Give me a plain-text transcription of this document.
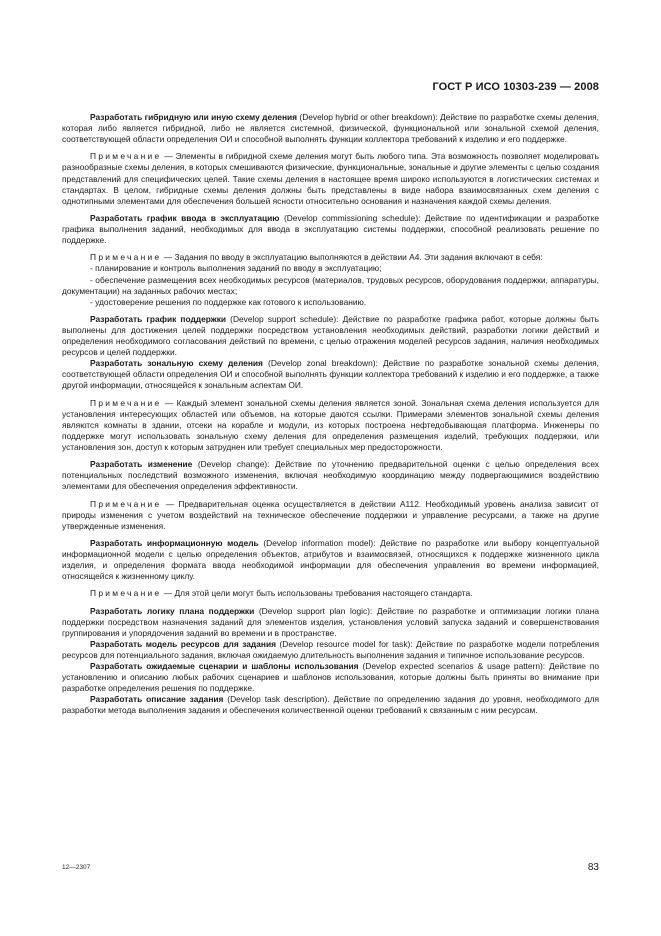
ГОСТ Р ИСО 10303-239 — 2008

Разработать гибридную или иную схему деления (Develop hybrid or other breakdown): Действие по разработке схемы деления, которая либо является гибридной, либо не является системной, физической, функциональной или зональной схемой деления, соответствующей области определения ОИ и способной выполнять функции коллектора требований к изделию и его поддержке.

Примечание — Элементы в гибридной схеме деления могут быть любого типа. Эта возможность позволяет моделировать разнообразные схемы деления, в которых смешиваются физические, функциональные, зональные и другие элементы с целью создания представлений для специфических целей. Такие схемы деления в настоящее время широко используются в логистических системах и стандартах. В целом, гибридные схемы деления должны быть представлены в виде набора взаимосвязанных схем деления с однотипными элементами для обеспечения большей ясности относительно основания и назначения каждой схемы деления.

Разработать график ввода в эксплуатацию (Develop commissioning schedule): Действие по идентификации и разработке графика выполнения заданий, необходимых для ввода в эксплуатацию системы поддержки, способной реализовать решение по поддержке.

Примечание — Задания по вводу в эксплуатацию выполняются в действии А4. Эти задания включают в себя:

- планирование и контроль выполнения заданий по вводу в эксплуатацию;

- обеспечение размещения всех необходимых ресурсов (материалов, трудовых ресурсов, оборудования поддержки, аппаратуры, документации) на заданных рабочих местах;

- удостоверение решения по поддержке как готового к использованию.

Разработать график поддержки (Develop support schedule): Действие по разработке графика работ, которые должны быть выполнены для достижения целей поддержки посредством установления необходимых действий, разработки логики действий и определения необходимого согласования действий по времени, с целью отражения моделей ресурсов задания, наличия необходимых ресурсов и целей поддержки.

Разработать зональную схему деления (Develop zonal breakdown): Действие по разработке зональной схемы деления, соответствующей области определения ОИ и способной выполнять функции коллектора требований к изделию и его поддержке, а также другой информации, относящейся к зональным аспектам ОИ.

Примечание — Каждый элемент зональной схемы деления является зоной. Зональная схема деления используется для установления интересующих областей или объемов, на которые даются ссылки. Примерами элементов зональной схемы деления являются комнаты в здании, отсеки на корабле и модули, из которых построена нефтедобывающая платформа. Инженеры по поддержке могут использовать зональную схему деления для определения размещения изделий, требующих поддержки, или установления зон, доступ к которым затруднен или требует специальных мер предосторожности.

Разработать изменение (Develop change): Действие по уточнению предварительной оценки с целью определения всех потенциальных последствий возможного изменения, включая необходимую координацию между подвергающимися воздействию элементами для обеспечения определения эффективности.

Примечание — Предварительная оценка осуществляется в действии А112. Необходимый уровень анализа зависит от природы изменения с учетом воздействий на техническое обеспечение поддержки и управление ресурсами, а также на другие утвержденные изменения.

Разработать информационную модель (Develop information model): Действие по разработке или выбору концептуальной информационной модели с целью определения объектов, атрибутов и взаимосвязей, относящихся к поддержке жизненного цикла изделия, и определения формата ввода необходимой информации для обеспечения управления во времени информацией, относящейся к жизненному циклу.

Примечание — Для этой цели могут быть использованы требования настоящего стандарта.

Разработать логику плана поддержки (Develop support plan logic): Действие по разработке и оптимизации логики плана поддержки посредством назначения заданий для элементов изделия, установления условий запуска заданий и совершенствования группирования и упорядочения заданий во времени и в пространстве.

Разработать модель ресурсов для задания (Develop resource model for task): Действие по разработке модели потребления ресурсов для потенциального задания, включая ожидаемую длительность выполнения задания и типичное использование ресурсов.

Разработать ожидаемые сценарии и шаблоны использования (Develop expected scenarios & usage pattern): Действие по установлению и описанию любых рабочих сценариев и шаблонов использования, которые должны быть приняты во внимание при разработке определения решения по поддержке.

Разработать описание задания (Develop task description). Действие по определению задания до уровня, необходимого для разработки метода выполнения задания и обеспечения количественной оценки требований к связанным с ним ресурсам.

12—2307	83
